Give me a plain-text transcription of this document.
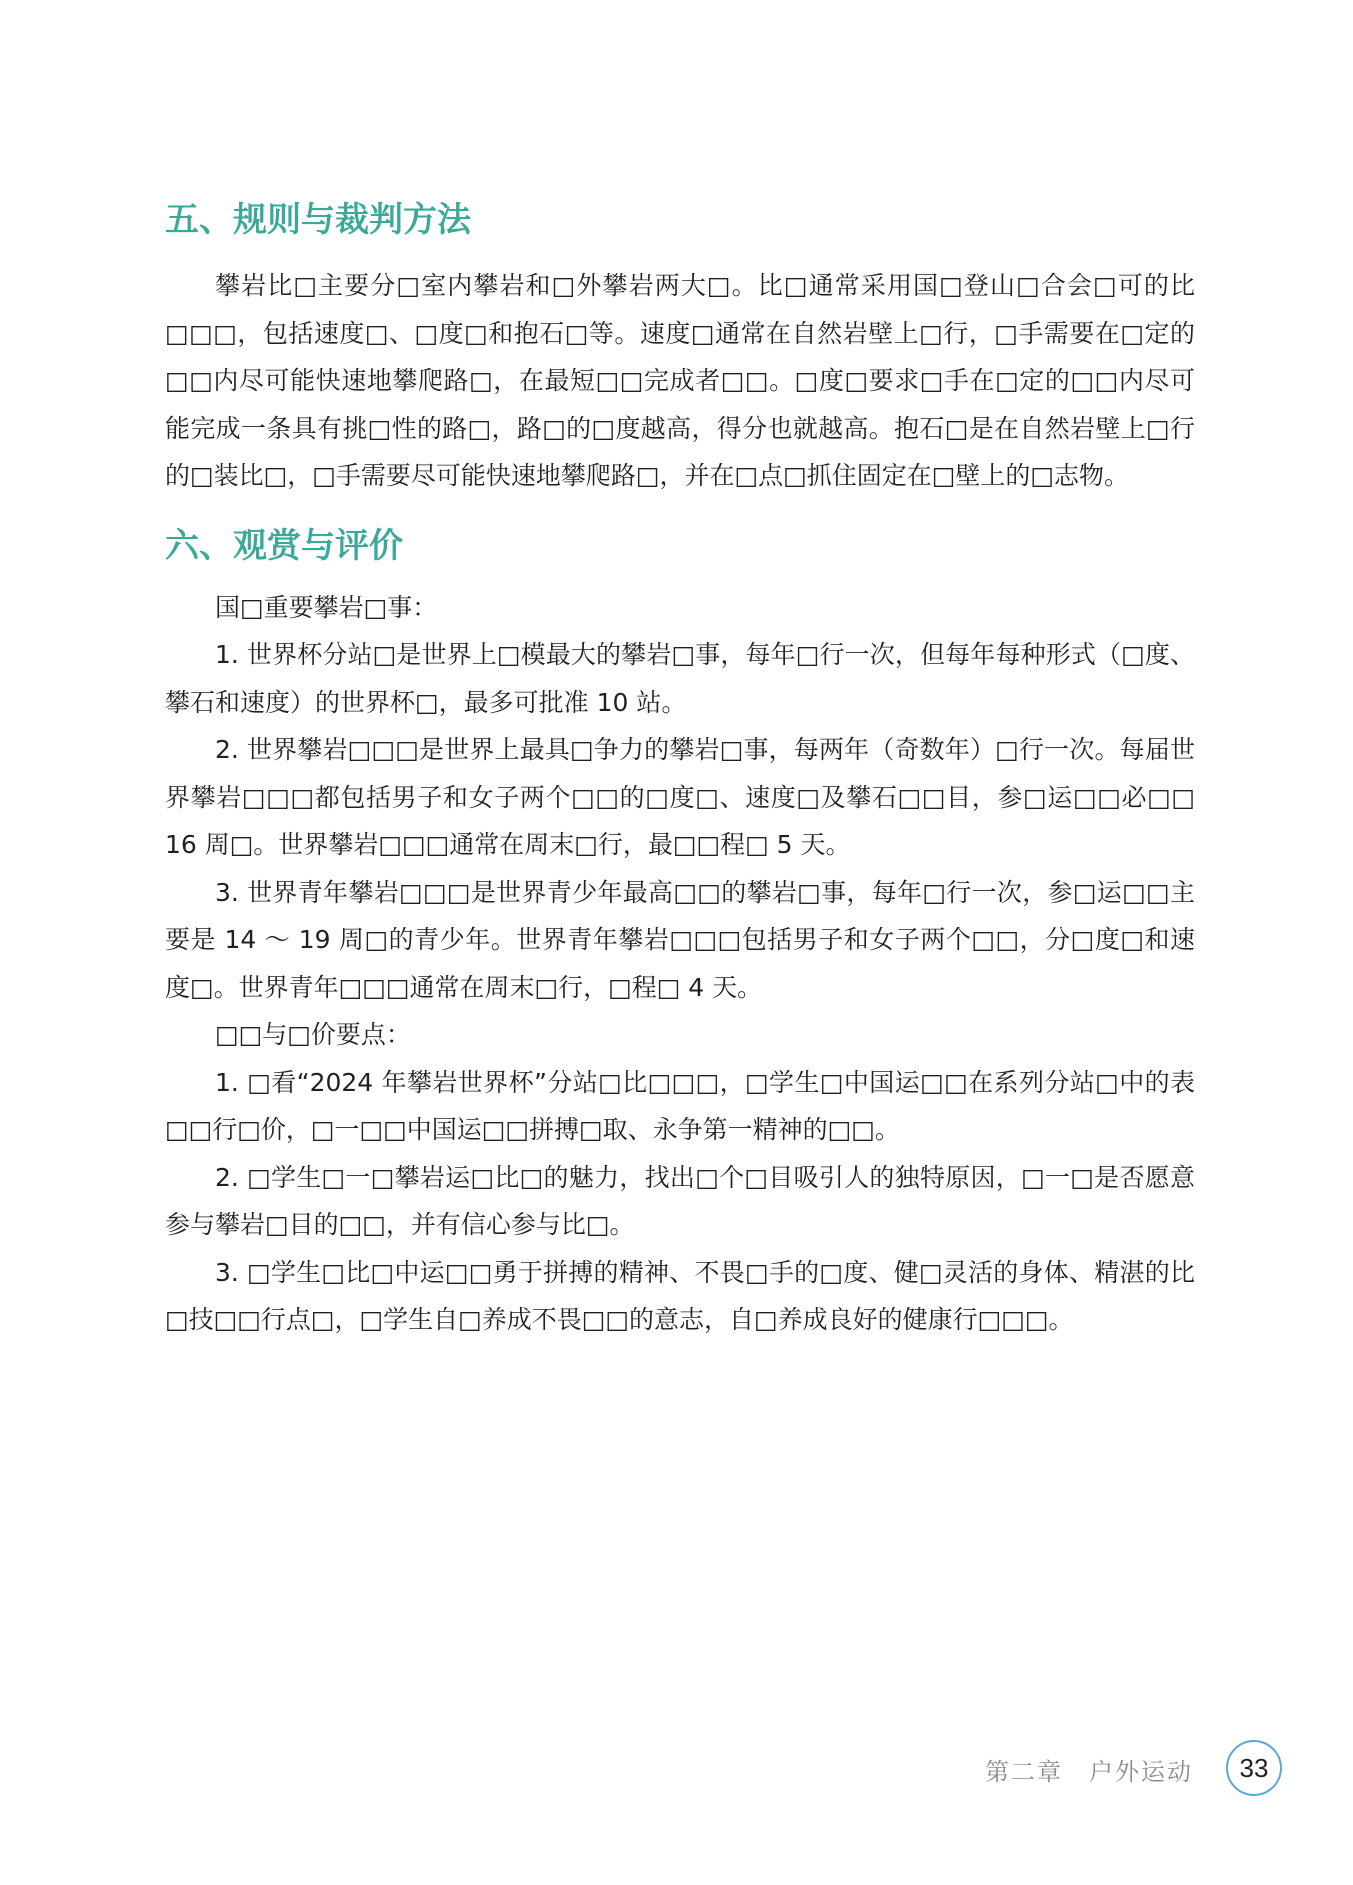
五、规则与裁判方法

攀岩比□主要分□室内攀岩和□外攀岩两大□。比□通常采用国□登山□合会□可的比□□□，包括速度□、□度□和抱石□等。速度□通常在自然岩壁上□行，□手需要在□定的□□内尽可能快速地攀爬路□，在最短□□完成者□□。□度□要求□手在□定的□□内尽可能完成一条具有挑□性的路□，路□的□度越高，得分也就越高。抱石□是在自然岩壁上□行的□装比□，□手需要尽可能快速地攀爬路□，并在□点□抓住固定在□壁上的□志物。

六、观赏与评价

国□重要攀岩□事：

1. 世界杯分站□是世界上□模最大的攀岩□事，每年□行一次，但每年每种形式（□度、攀石和速度）的世界杯□，最多可批准 10 站。

2. 世界攀岩□□□是世界上最具□争力的攀岩□事，每两年（奇数年）□行一次。每届世界攀岩□□□都包括男子和女子两个□□的□度□、速度□及攀石□□目，参□运□□必□□ 16 周□。世界攀岩□□□通常在周末□行，最□□程□ 5 天。

3. 世界青年攀岩□□□是世界青少年最高□□的攀岩□事，每年□行一次，参□运□□主要是 14 ～ 19 周□的青少年。世界青年攀岩□□□包括男子和女子两个□□，分□度□和速度□。世界青年□□□通常在周末□行，□程□ 4 天。

□□与□价要点：

1. □看“2024 年攀岩世界杯”分站□比□□□，□学生□中国运□□在系列分站□中的表□□行□价，□一□□中国运□□拼搏□取、永争第一精神的□□。

2. □学生□一□攀岩运□比□的魅力，找出□个□目吸引人的独特原因，□一□是否愿意参与攀岩□目的□□，并有信心参与比□。

3. □学生□比□中运□□勇于拼搏的精神、不畏□手的□度、健□灵活的身体、精湛的比□技□□行点□，□学生自□养成不畏□□的意志，自□养成良好的健康行□□□。

第二章　户外运动	33
